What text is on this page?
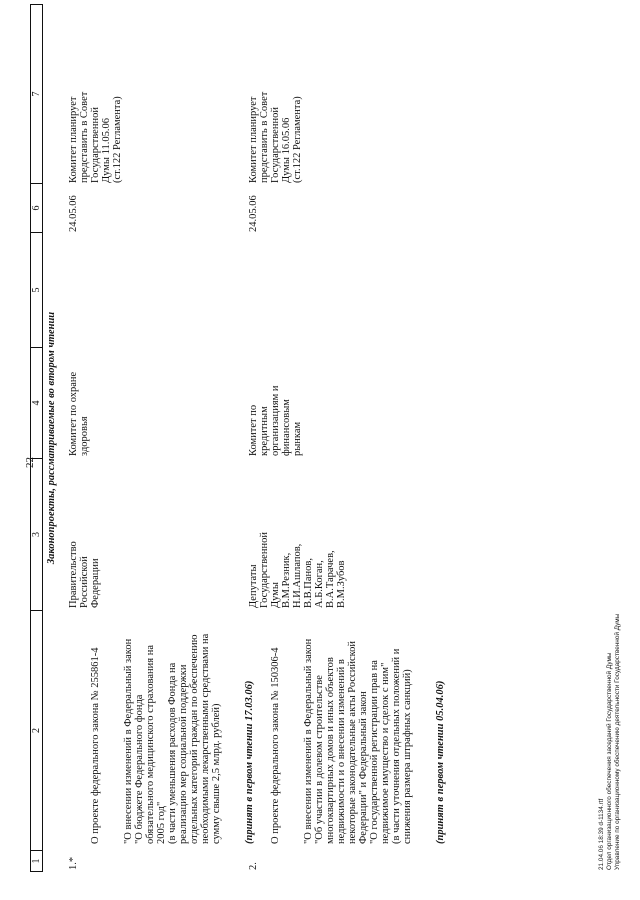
22
1
2
3
4
5
6
7
Законопроекты, рассматриваемые во втором чтении
1.*

О проекте федерального закона № 255861-4

"О внесении изменений в Федеральный закон
"О бюджете Федерального фонда
обязательного медицинского страхования на
2005 год"
(в части уменьшения расходов Фонда на
реализацию мер социальной поддержки
отдельных категорий граждан по обеспечению
необходимыми лекарственными средствами на
сумму свыше 2,5 млрд. рублей)

(принят в первом чтении 17.03.06)

Правительство
Российской
Федерации
Комитет по охране
здоровья
24.05.06
Комитет планирует
представить в Совет
Государственной
Думы 11.05.06
(ст.122 Регламента)
2.

О проекте федерального закона № 150306-4

"О внесении изменений в Федеральный закон
"Об участии в долевом строительстве
многоквартирных домов и иных объектов
недвижимости и о внесении изменений в
некоторые законодательные акты Российской
Федерации" и Федеральный закон
"О государственной регистрации прав на
недвижимое имущество и сделок с ним"
(в части уточнения отдельных положений и
снижения размера штрафных санкций)

(принят в первом чтении 05.04.06)

Депутаты
Государственной
Думы
В.М.Резник,
Н.И.Ашлапов,
В.В.Панов,
А.Б.Коган,
В.А.Тарачев,
В.М.Зубов
Комитет по
кредитным
организациям и
финансовым
рынкам
24.05.06
Комитет планирует
представить в Совет
Государственной
Думы 16.05.06
(ст.122 Регламента)
21.04.06 18:39 d-1134.rtf Отдел организационного обеспечения заседаний Государственной Думы Управление по организационному обеспечению деятельности Государственной Думы
